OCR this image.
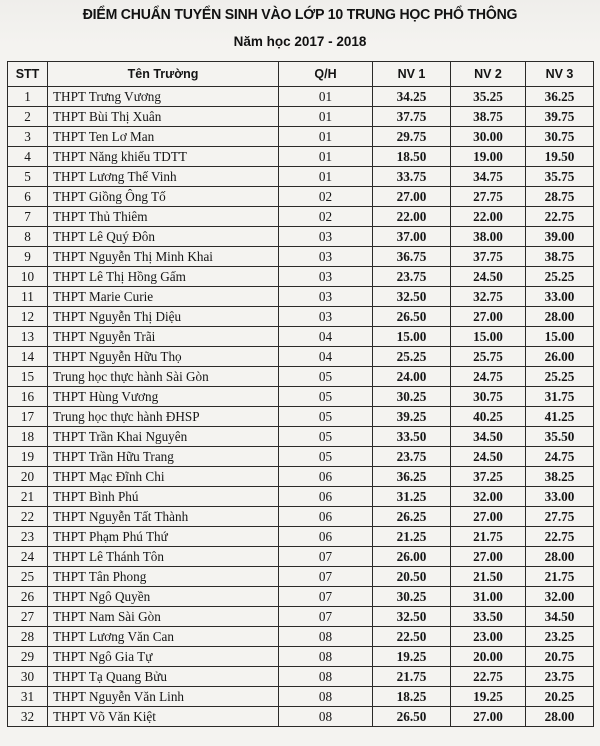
ĐIỂM CHUẨN TUYỂN SINH VÀO LỚP 10 TRUNG HỌC PHỔ THÔNG
Năm học 2017 - 2018
STT	Tên Trường	Q/H	NV 1	NV 2	NV 3
1	THPT Trưng Vương	01	34.25	35.25	36.25
2	THPT Bùi Thị Xuân	01	37.75	38.75	39.75
3	THPT Ten Lơ Man	01	29.75	30.00	30.75
4	THPT Năng khiếu TDTT	01	18.50	19.00	19.50
5	THPT Lương Thế Vinh	01	33.75	34.75	35.75
6	THPT Giồng Ông Tố	02	27.00	27.75	28.75
7	THPT Thủ Thiêm	02	22.00	22.00	22.75
8	THPT Lê Quý Đôn	03	37.00	38.00	39.00
9	THPT Nguyễn Thị Minh Khai	03	36.75	37.75	38.75
10	THPT Lê Thị Hồng Gấm	03	23.75	24.50	25.25
11	THPT Marie Curie	03	32.50	32.75	33.00
12	THPT Nguyễn Thị Diệu	03	26.50	27.00	28.00
13	THPT Nguyễn Trãi	04	15.00	15.00	15.00
14	THPT Nguyễn Hữu Thọ	04	25.25	25.75	26.00
15	Trung học thực hành Sài Gòn	05	24.00	24.75	25.25
16	THPT Hùng Vương	05	30.25	30.75	31.75
17	Trung học thực hành ĐHSP	05	39.25	40.25	41.25
18	THPT Trần Khai Nguyên	05	33.50	34.50	35.50
19	THPT Trần Hữu Trang	05	23.75	24.50	24.75
20	THPT Mạc Đĩnh Chi	06	36.25	37.25	38.25
21	THPT Bình Phú	06	31.25	32.00	33.00
22	THPT Nguyễn Tất Thành	06	26.25	27.00	27.75
23	THPT Phạm Phú Thứ	06	21.25	21.75	22.75
24	THPT Lê Thánh Tôn	07	26.00	27.00	28.00
25	THPT Tân Phong	07	20.50	21.50	21.75
26	THPT Ngô Quyền	07	30.25	31.00	32.00
27	THPT Nam Sài Gòn	07	32.50	33.50	34.50
28	THPT Lương Văn Can	08	22.50	23.00	23.25
29	THPT Ngô Gia Tự	08	19.25	20.00	20.75
30	THPT Tạ Quang Bửu	08	21.75	22.75	23.75
31	THPT Nguyễn Văn Linh	08	18.25	19.25	20.25
32	THPT Võ Văn Kiệt	08	26.50	27.00	28.00
